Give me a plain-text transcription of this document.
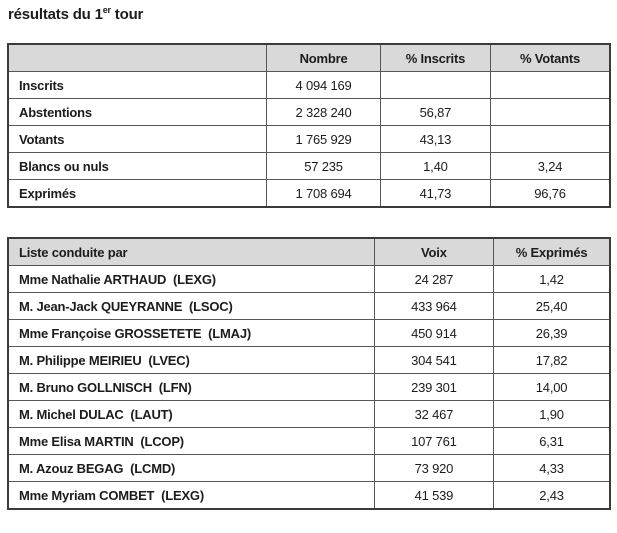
résultats du 1er tour
	Nombre	% Inscrits	% Votants
Inscrits	4 094 169		
Abstentions	2 328 240	56,87	
Votants	1 765 929	43,13	
Blancs ou nuls	57 235	1,40	3,24
Exprimés	1 708 694	41,73	96,76
Liste conduite par	Voix	% Exprimés
Mme Nathalie ARTHAUD  (LEXG)	24 287	1,42
M. Jean-Jack QUEYRANNE  (LSOC)	433 964	25,40
Mme Françoise GROSSETETE  (LMAJ)	450 914	26,39
M. Philippe MEIRIEU  (LVEC)	304 541	17,82
M. Bruno GOLLNISCH  (LFN)	239 301	14,00
M. Michel DULAC  (LAUT)	32 467	1,90
Mme Elisa MARTIN  (LCOP)	107 761	6,31
M. Azouz BEGAG  (LCMD)	73 920	4,33
Mme Myriam COMBET  (LEXG)	41 539	2,43
